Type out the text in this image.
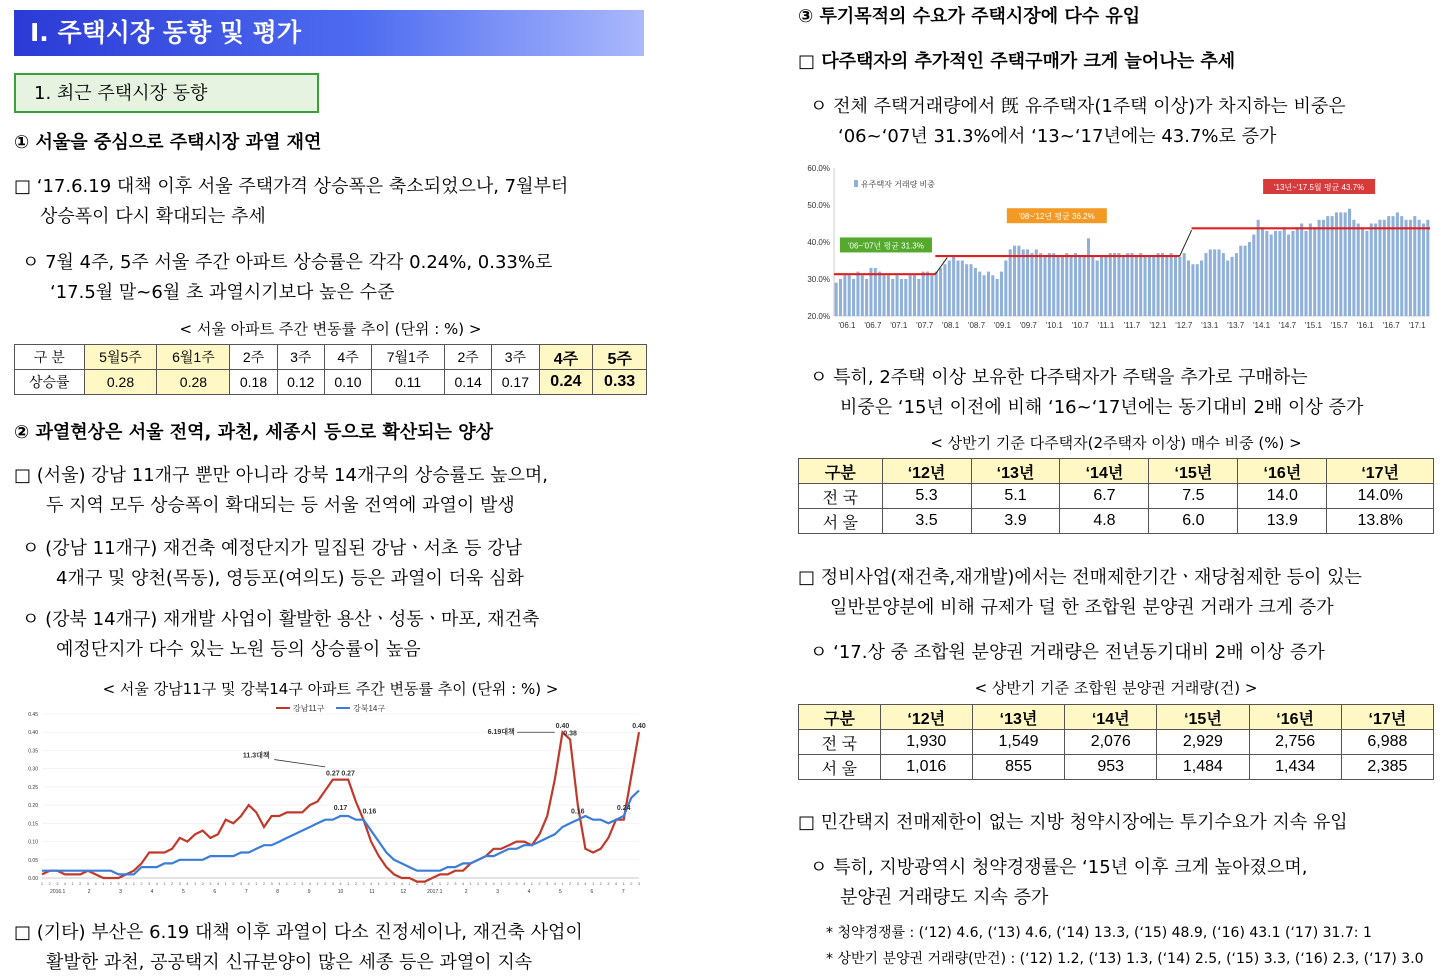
Ⅰ. 주택시장 동향 및 평가
1. 최근 주택시장 동향
① 서울을 중심으로 주택시장 과열 재연
□ ‘17.6.19 대책 이후 서울 주택가격 상승폭은 축소되었으나, 7월부터
상승폭이 다시 확대되는 추세
ㅇ 7월 4주, 5주 서울 주간 아파트 상승률은 각각 0.24%, 0.33%로
‘17.5월 말~6월 초 과열시기보다 높은 수준
< 서울 아파트 주간 변동률 추이 (단위 : %) >
구 분	5월5주	6월1주	2주	3주	4주	7월1주	2주	3주	4주	5주
상승률	0.28	0.28	0.18	0.12	0.10	0.11	0.14	0.17	0.24	0.33
② 과열현상은 서울 전역, 과천, 세종시 등으로 확산되는 양상
□ (서울) 강남 11개구 뿐만 아니라 강북 14개구의 상승률도 높으며,
두 지역 모두 상승폭이 확대되는 등 서울 전역에 과열이 발생
ㅇ (강남 11개구) 재건축 예정단지가 밀집된 강남ㆍ서초 등 강남
4개구 및 양천(목동), 영등포(여의도) 등은 과열이 더욱 심화
ㅇ (강북 14개구) 재개발 사업이 활발한 용산ㆍ성동ㆍ마포, 재건축
예정단지가 다수 있는 노원 등의 상승률이 높음
< 서울 강남11구 및 강북14구 아파트 주간 변동률 추이 (단위 : %) >
0.00
0.05
0.10
0.15
0.20
0.25
0.30
0.35
0.40
0.45
1 2 3 4 1 2 3 4 1 2 3 4 1 2 3 4 1 2 3 4 1 2 3 4 1 2 3 4 1 2 3 4 1 2 3 4 1 2 3 4 1 2 3 4 1 2 3 4 1 2 3 4 1 2 3 4 1 2 3 4 1 2 3 4 1 2 3 4 1 2 3 4 1 2 3 4 1 2 3
2016.1	2	3	4	5	6	7	8	9	10	11	12	2017.1	2	3	4	5	6	7
강남11구	강북14구
0.27 0.27
0.17
0.16
0.40
0.38
0.40
0.16
0.24
11.3대책
6.19대책
□ (기타) 부산은 6.19 대책 이후 과열이 다소 진정세이나, 재건축 사업이
활발한 과천, 공공택지 신규분양이 많은 세종 등은 과열이 지속
③ 투기목적의 수요가 주택시장에 다수 유입
□ 다주택자의 추가적인 주택구매가 크게 늘어나는 추세
ㅇ 전체 주택거래량에서 旣 유주택자(1주택 이상)가 차지하는 비중은
‘06~‘07년 31.3%에서 ‘13~‘17년에는 43.7%로 증가
20.0%
30.0%
40.0%
50.0%
60.0%
'06.1 '06.7 '07.1 '07.7 '08.1 '08.7 '09.1 '09.7 '10.1 '10.7 '11.1 '11.7 '12.1 '12.7 '13.1 '13.7 '14.1 '14.7 '15.1 '15.7 '16.1 '16.7 '17.1
'06~'07년 평균 31.3%
'08~'12년 평균 36.2%
'13년~'17.5월 평균 43.7%
유주택자 거래량 비중
ㅇ 특히, 2주택 이상 보유한 다주택자가 주택을 추가로 구매하는
비중은 ‘15년 이전에 비해 ‘16~‘17년에는 동기대비 2배 이상 증가
< 상반기 기준 다주택자(2주택자 이상) 매수 비중 (%) >
구분	‘12년	‘13년	‘14년	‘15년	‘16년	‘17년
전 국	5.3	5.1	6.7	7.5	14.0	14.0%
서 울	3.5	3.9	4.8	6.0	13.9	13.8%
□ 정비사업(재건축,재개발)에서는 전매제한기간ㆍ재당첨제한 등이 있는
일반분양분에 비해 규제가 덜 한 조합원 분양권 거래가 크게 증가
ㅇ ‘17.상 중 조합원 분양권 거래량은 전년동기대비 2배 이상 증가
< 상반기 기준 조합원 분양권 거래량(건) >
구분	‘12년	‘13년	‘14년	‘15년	‘16년	‘17년
전 국	1,930	1,549	2,076	2,929	2,756	6,988
서 울	1,016	855	953	1,484	1,434	2,385
□ 민간택지 전매제한이 없는 지방 청약시장에는 투기수요가 지속 유입
ㅇ 특히, 지방광역시 청약경쟁률은 ‘15년 이후 크게 높아졌으며,
분양권 거래량도 지속 증가
* 청약경쟁률 : (‘12) 4.6, (‘13) 4.6, (‘14) 13.3, (‘15) 48.9, (‘16) 43.1 (‘17) 31.7: 1
* 상반기 분양권 거래량(만건) : (‘12) 1.2, (‘13) 1.3, (‘14) 2.5, (‘15) 3.3, (‘16) 2.3, (‘17) 3.0
